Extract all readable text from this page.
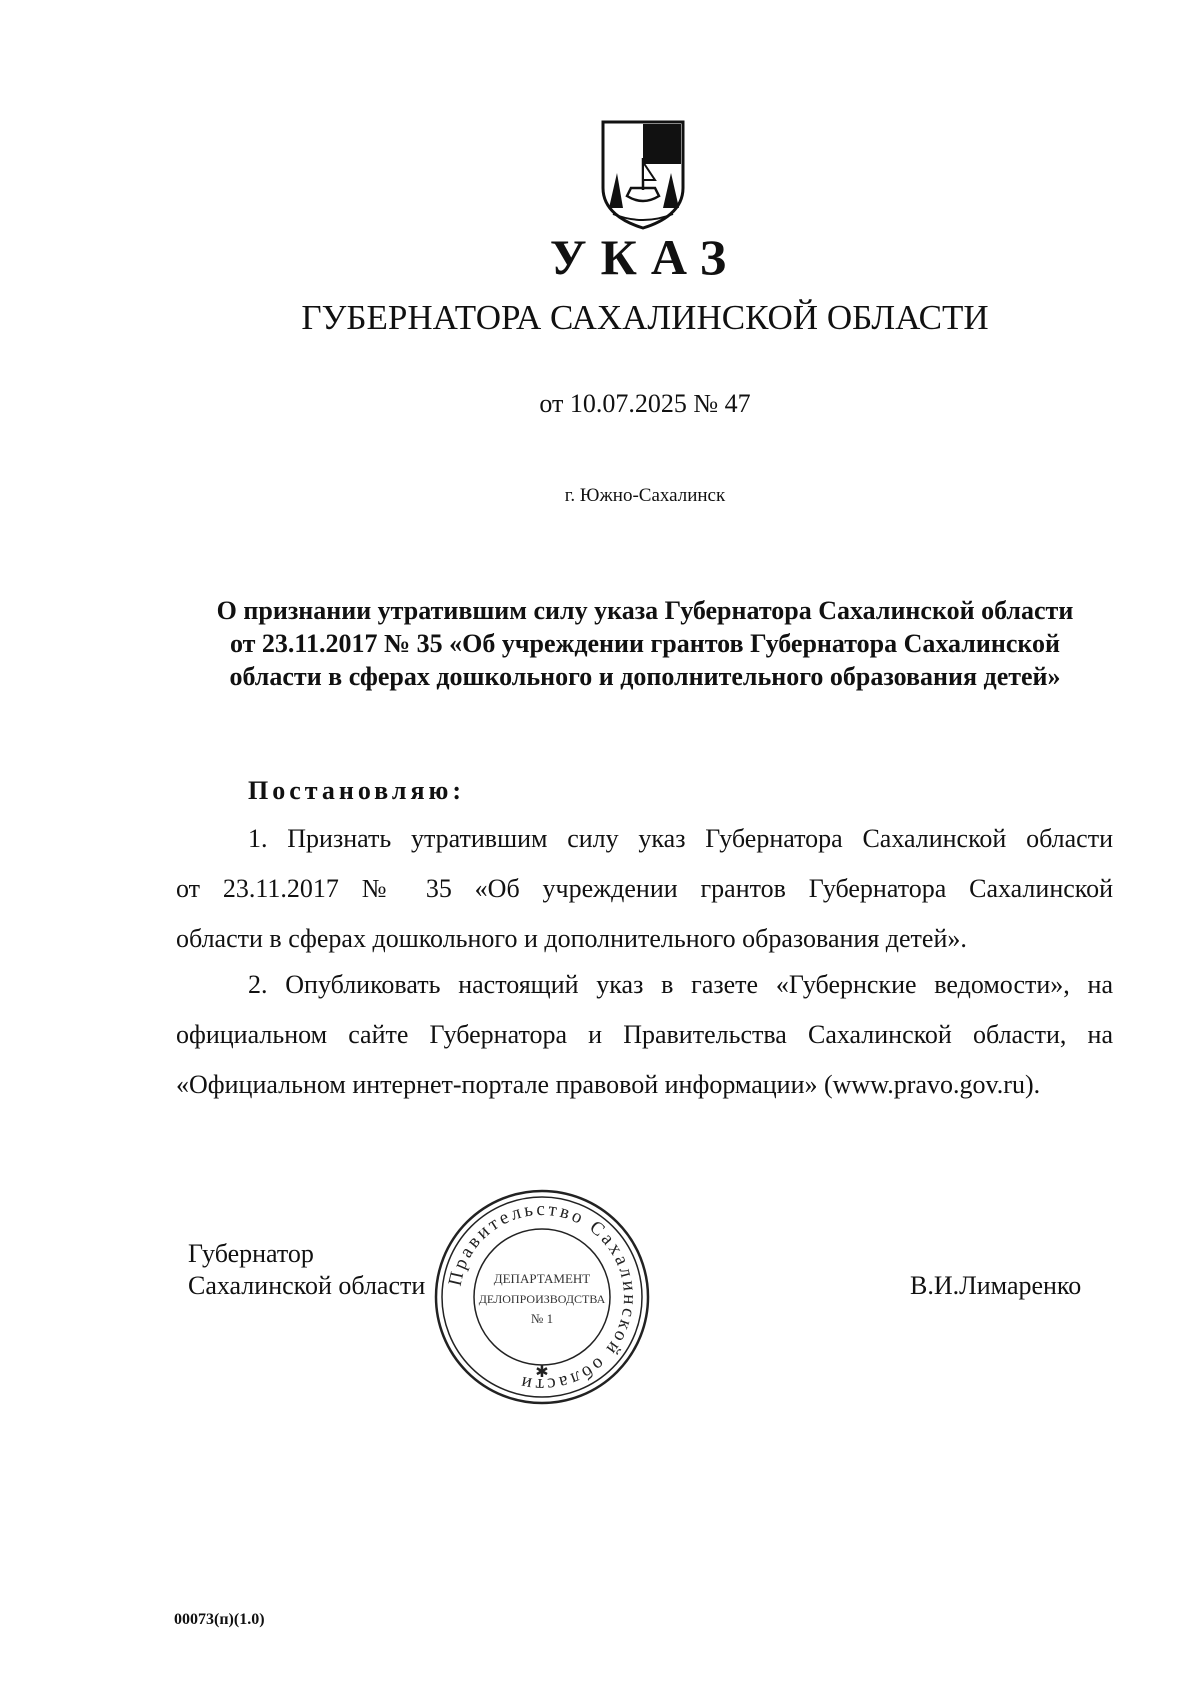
УКАЗ
ГУБЕРНАТОРА САХАЛИНСКОЙ ОБЛАСТИ
от 10.07.2025 № 47
г. Южно-Сахалинск
О признании утратившим силу указа Губернатора Сахалинской области
от 23.11.2017 № 35 «Об учреждении грантов Губернатора Сахалинской
области в сферах дошкольного и дополнительного образования детей»
Постановляю:
1. Признать утратившим силу указ Губернатора Сахалинской области
от 23.11.2017 № 35 «Об учреждении грантов Губернатора Сахалинской
области в сферах дошкольного и дополнительного образования детей».
2. Опубликовать настоящий указ в газете «Губернские ведомости», на
официальном сайте Губернатора и Правительства Сахалинской области, на
«Официальном интернет-портале правовой информации» (www.pravo.gov.ru).
Губернатор
Сахалинской области Правительство Сахалинской области ✱
ДЕПАРТАМЕНТ
ДЕЛОПРОИЗВОДСТВА
№ 1
В.И.Лимаренко
00073(п)(1.0)
